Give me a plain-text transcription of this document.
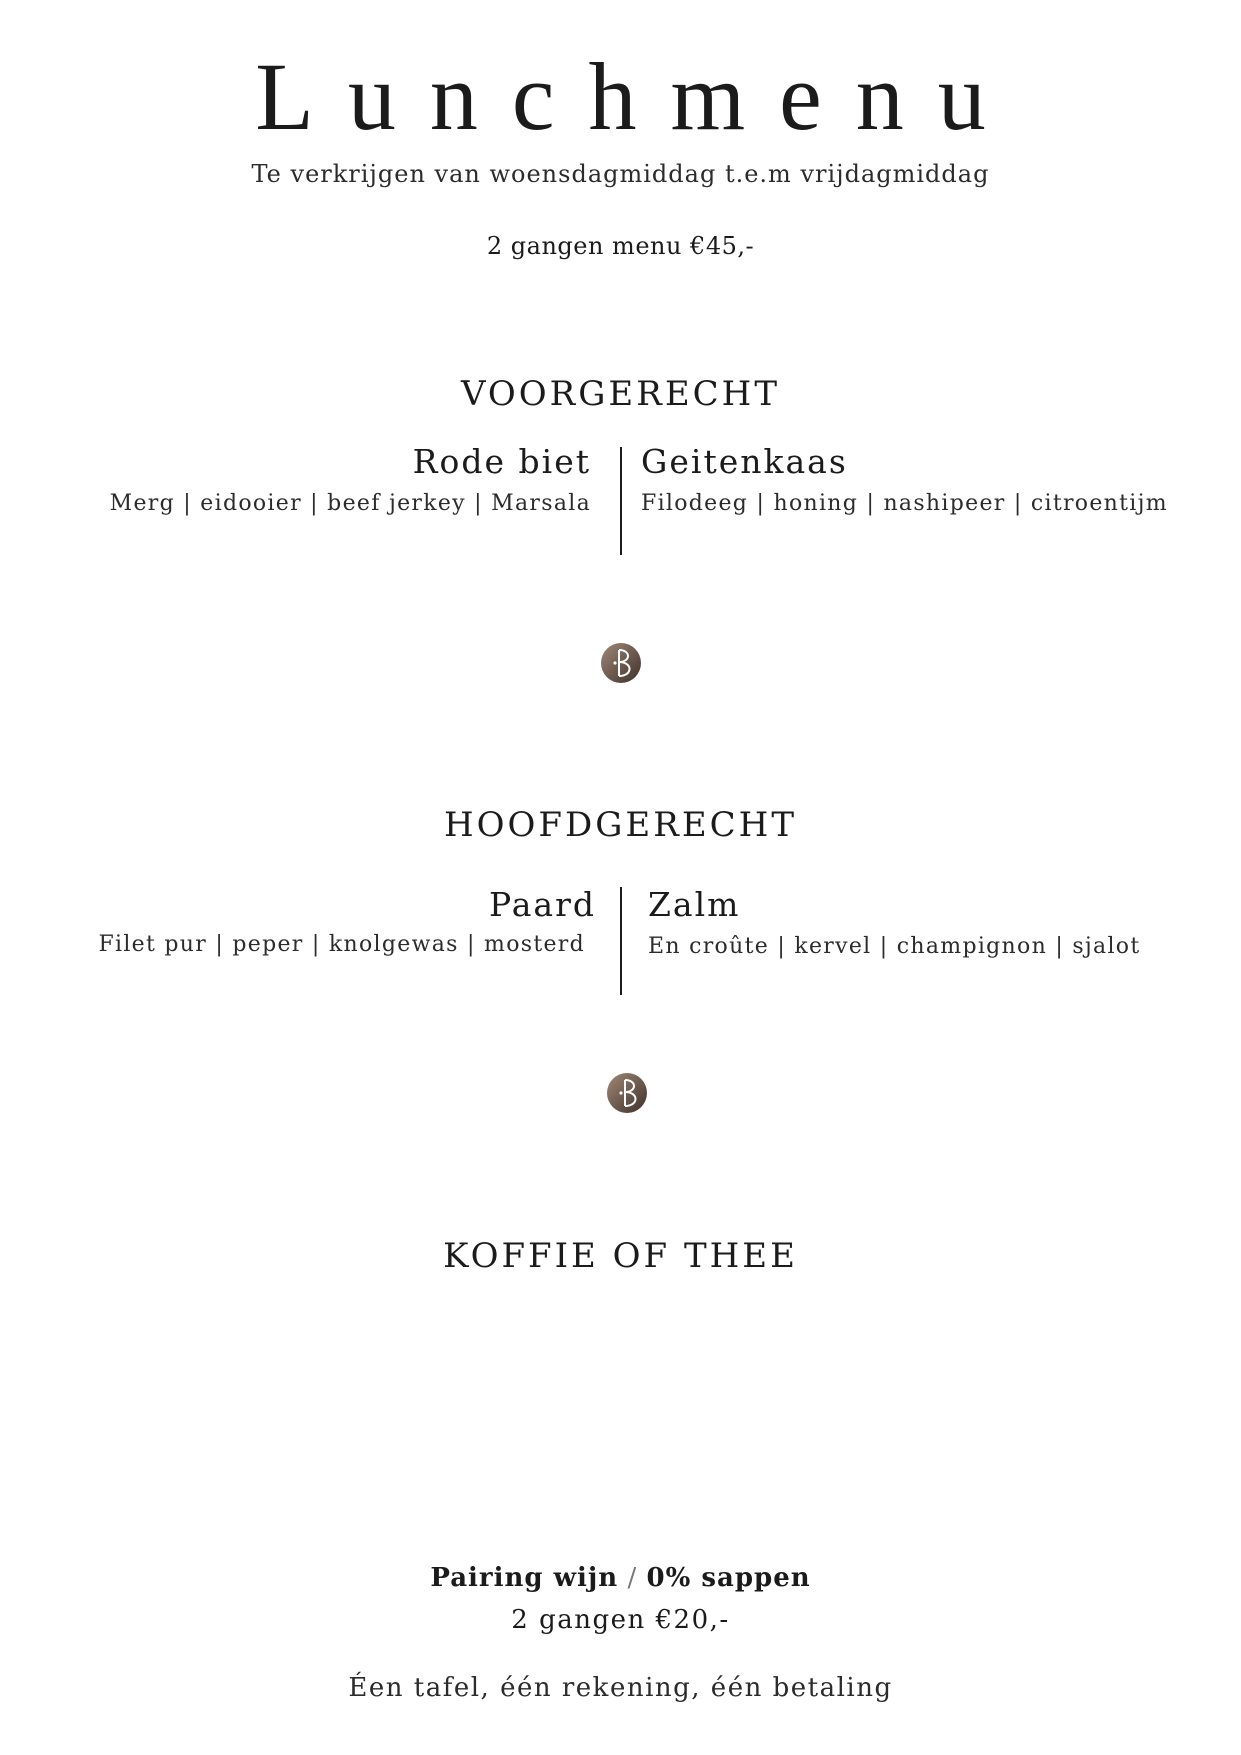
Lunchmenu
Te verkrijgen van woensdagmiddag t.e.m vrijdagmiddag
2 gangen menu €45,-
VOORGERECHT
Rode biet
Merg | eidooier | beef jerkey | Marsala
Geitenkaas
Filodeeg | honing | nashipeer | citroentijm
HOOFDGERECHT
Paard
Filet pur | peper | knolgewas | mosterd
Zalm
En croûte | kervel | champignon | sjalot
KOFFIE OF THEE
Pairing wijn / 0% sappen
2 gangen €20,-
Éen tafel, één rekening, één betaling
